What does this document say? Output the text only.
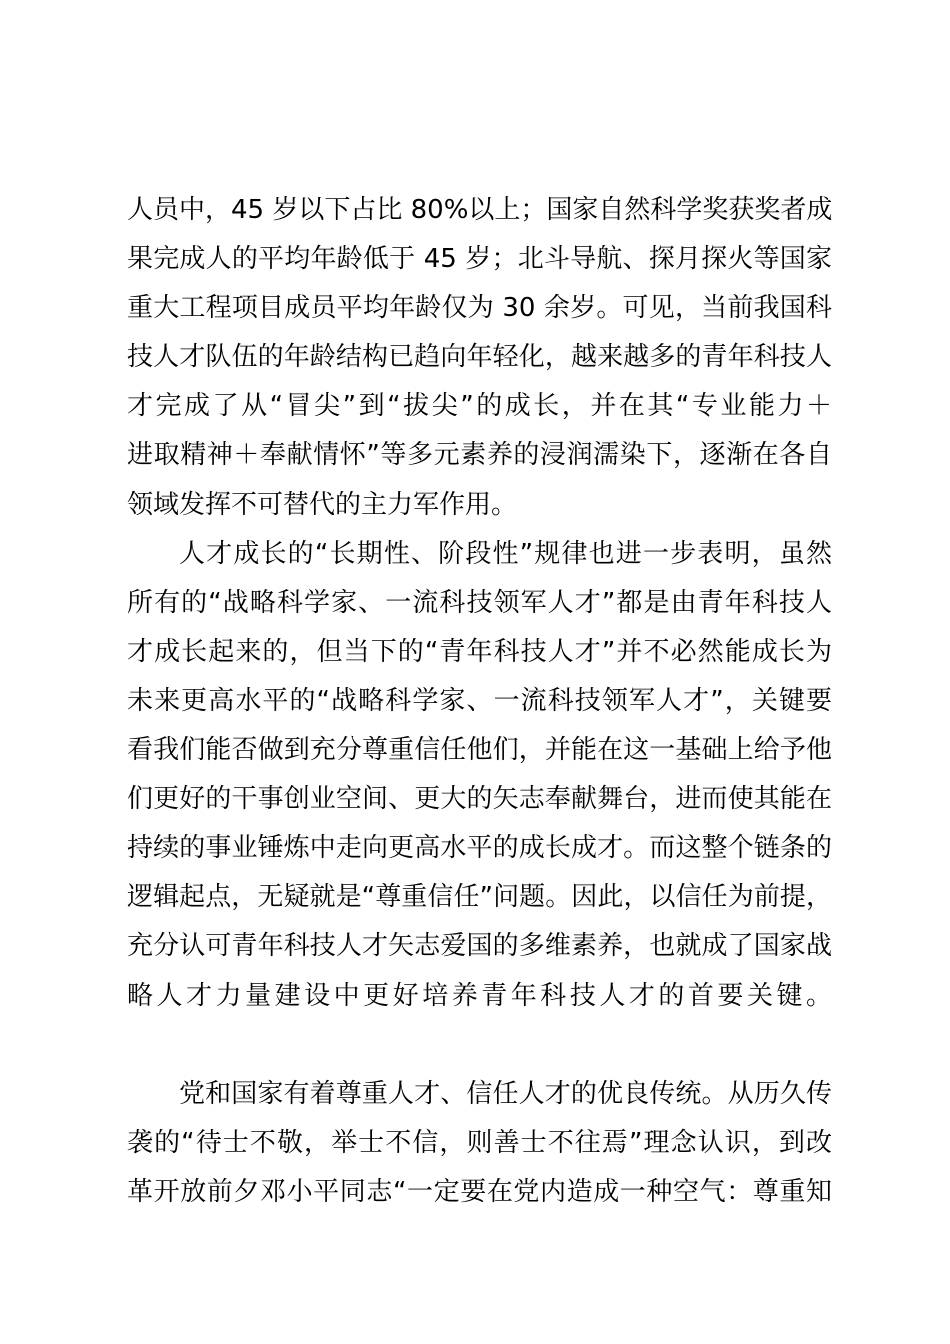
人员中，45 岁以下占比 80%以上；国家自然科学奖获奖者成
果完成人的平均年龄低于 45 岁；北斗导航、探月探火等国家
重大工程项目成员平均年龄仅为 30 余岁。可见，当前我国科
技人才队伍的年龄结构已趋向年轻化，越来越多的青年科技人
才完成了从“冒尖”到“拔尖”的成长，并在其“专业能力＋
进取精神＋奉献情怀”等多元素养的浸润濡染下，逐渐在各自
领域发挥不可替代的主力军作用。
人才成长的“长期性、阶段性”规律也进一步表明，虽然
所有的“战略科学家、一流科技领军人才”都是由青年科技人
才成长起来的，但当下的“青年科技人才”并不必然能成长为
未来更高水平的“战略科学家、一流科技领军人才”，关键要
看我们能否做到充分尊重信任他们，并能在这一基础上给予他
们更好的干事创业空间、更大的矢志奉献舞台，进而使其能在
持续的事业锤炼中走向更高水平的成长成才。而这整个链条的
逻辑起点，无疑就是“尊重信任”问题。因此，以信任为前提，
充分认可青年科技人才矢志爱国的多维素养，也就成了国家战
略人才力量建设中更好培养青年科技人才的首要关键。
党和国家有着尊重人才、信任人才的优良传统。从历久传
袭的“待士不敬，举士不信，则善士不往焉”理念认识，到改
革开放前夕邓小平同志“一定要在党内造成一种空气：尊重知
